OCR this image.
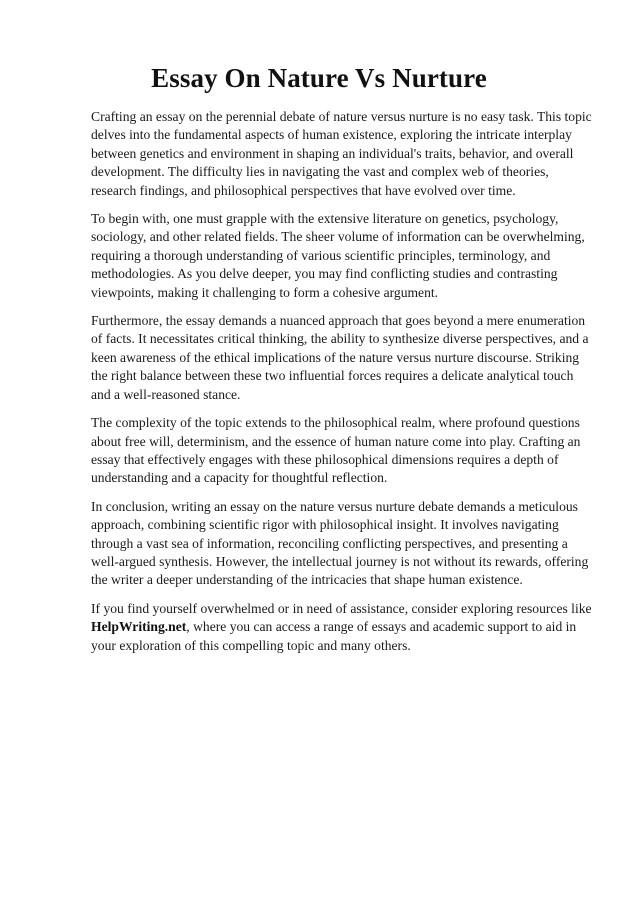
Essay On Nature Vs Nurture

Crafting an essay on the perennial debate of nature versus nurture is no easy task. This topic delves into the fundamental aspects of human existence, exploring the intricate interplay between genetics and environment in shaping an individual's traits, behavior, and overall development. The difficulty lies in navigating the vast and complex web of theories, research findings, and philosophical perspectives that have evolved over time.

To begin with, one must grapple with the extensive literature on genetics, psychology, sociology, and other related fields. The sheer volume of information can be overwhelming, requiring a thorough understanding of various scientific principles, terminology, and methodologies. As you delve deeper, you may find conflicting studies and contrasting viewpoints, making it challenging to form a cohesive argument.

Furthermore, the essay demands a nuanced approach that goes beyond a mere enumeration of facts. It necessitates critical thinking, the ability to synthesize diverse perspectives, and a keen awareness of the ethical implications of the nature versus nurture discourse. Striking the right balance between these two influential forces requires a delicate analytical touch and a well-reasoned stance.

The complexity of the topic extends to the philosophical realm, where profound questions about free will, determinism, and the essence of human nature come into play. Crafting an essay that effectively engages with these philosophical dimensions requires a depth of understanding and a capacity for thoughtful reflection.

In conclusion, writing an essay on the nature versus nurture debate demands a meticulous approach, combining scientific rigor with philosophical insight. It involves navigating through a vast sea of information, reconciling conflicting perspectives, and presenting a well-argued synthesis. However, the intellectual journey is not without its rewards, offering the writer a deeper understanding of the intricacies that shape human existence.

If you find yourself overwhelmed or in need of assistance, consider exploring resources like HelpWriting.net, where you can access a range of essays and academic support to aid in your exploration of this compelling topic and many others.
